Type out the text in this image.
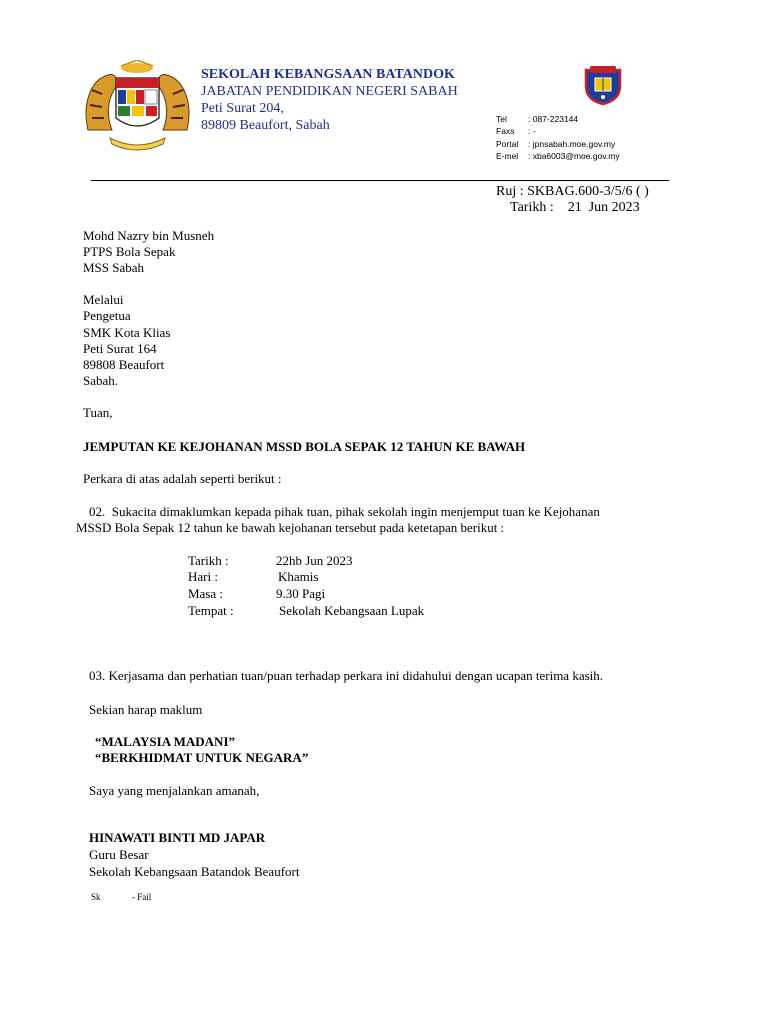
SEKOLAH KEBANGSAAN BATANDOK
JABATAN PENDIDIKAN NEGERI SABAH
Peti Surat 204,
89809 Beaufort, Sabah	Tel : 087-223144
Faxs : -
Portal : jpnsabah.moe.gov.my
E-mel : xba6003@moe.gov.my
Ruj : SKBAG.600-3/5/6 ( )
Tarikh :    21  Jun 2023
Mohd Nazry bin Musneh
PTPS Bola Sepak
MSS Sabah
Melalui
Pengetua
SMK Kota Klias
Peti Surat 164
89808 Beaufort
Sabah.
Tuan,
JEMPUTAN KE KEJOHANAN MSSD BOLA SEPAK 12 TAHUN KE BAWAH
Perkara di atas adalah seperti berikut :
02.  Sukacita dimaklumkan kepada pihak tuan, pihak sekolah ingin menjemput tuan ke Kejohanan
MSSD Bola Sepak 12 tahun ke bawah kejohanan tersebut pada ketetapan berikut :
Tarikh :	22hb Jun 2023
Hari :	Khamis
Masa :	9.30 Pagi
Tempat :	Sekolah Kebangsaan Lupak
03. Kerjasama dan perhatian tuan/puan terhadap perkara ini didahului dengan ucapan terima kasih.
Sekian harap maklum
“MALAYSIA MADANI”
“BERKHIDMAT UNTUK NEGARA”
Saya yang menjalankan amanah,
HINAWATI BINTI MD JAPAR
Guru Besar
Sekolah Kebangsaan Batandok Beaufort
Sk	- Fail
